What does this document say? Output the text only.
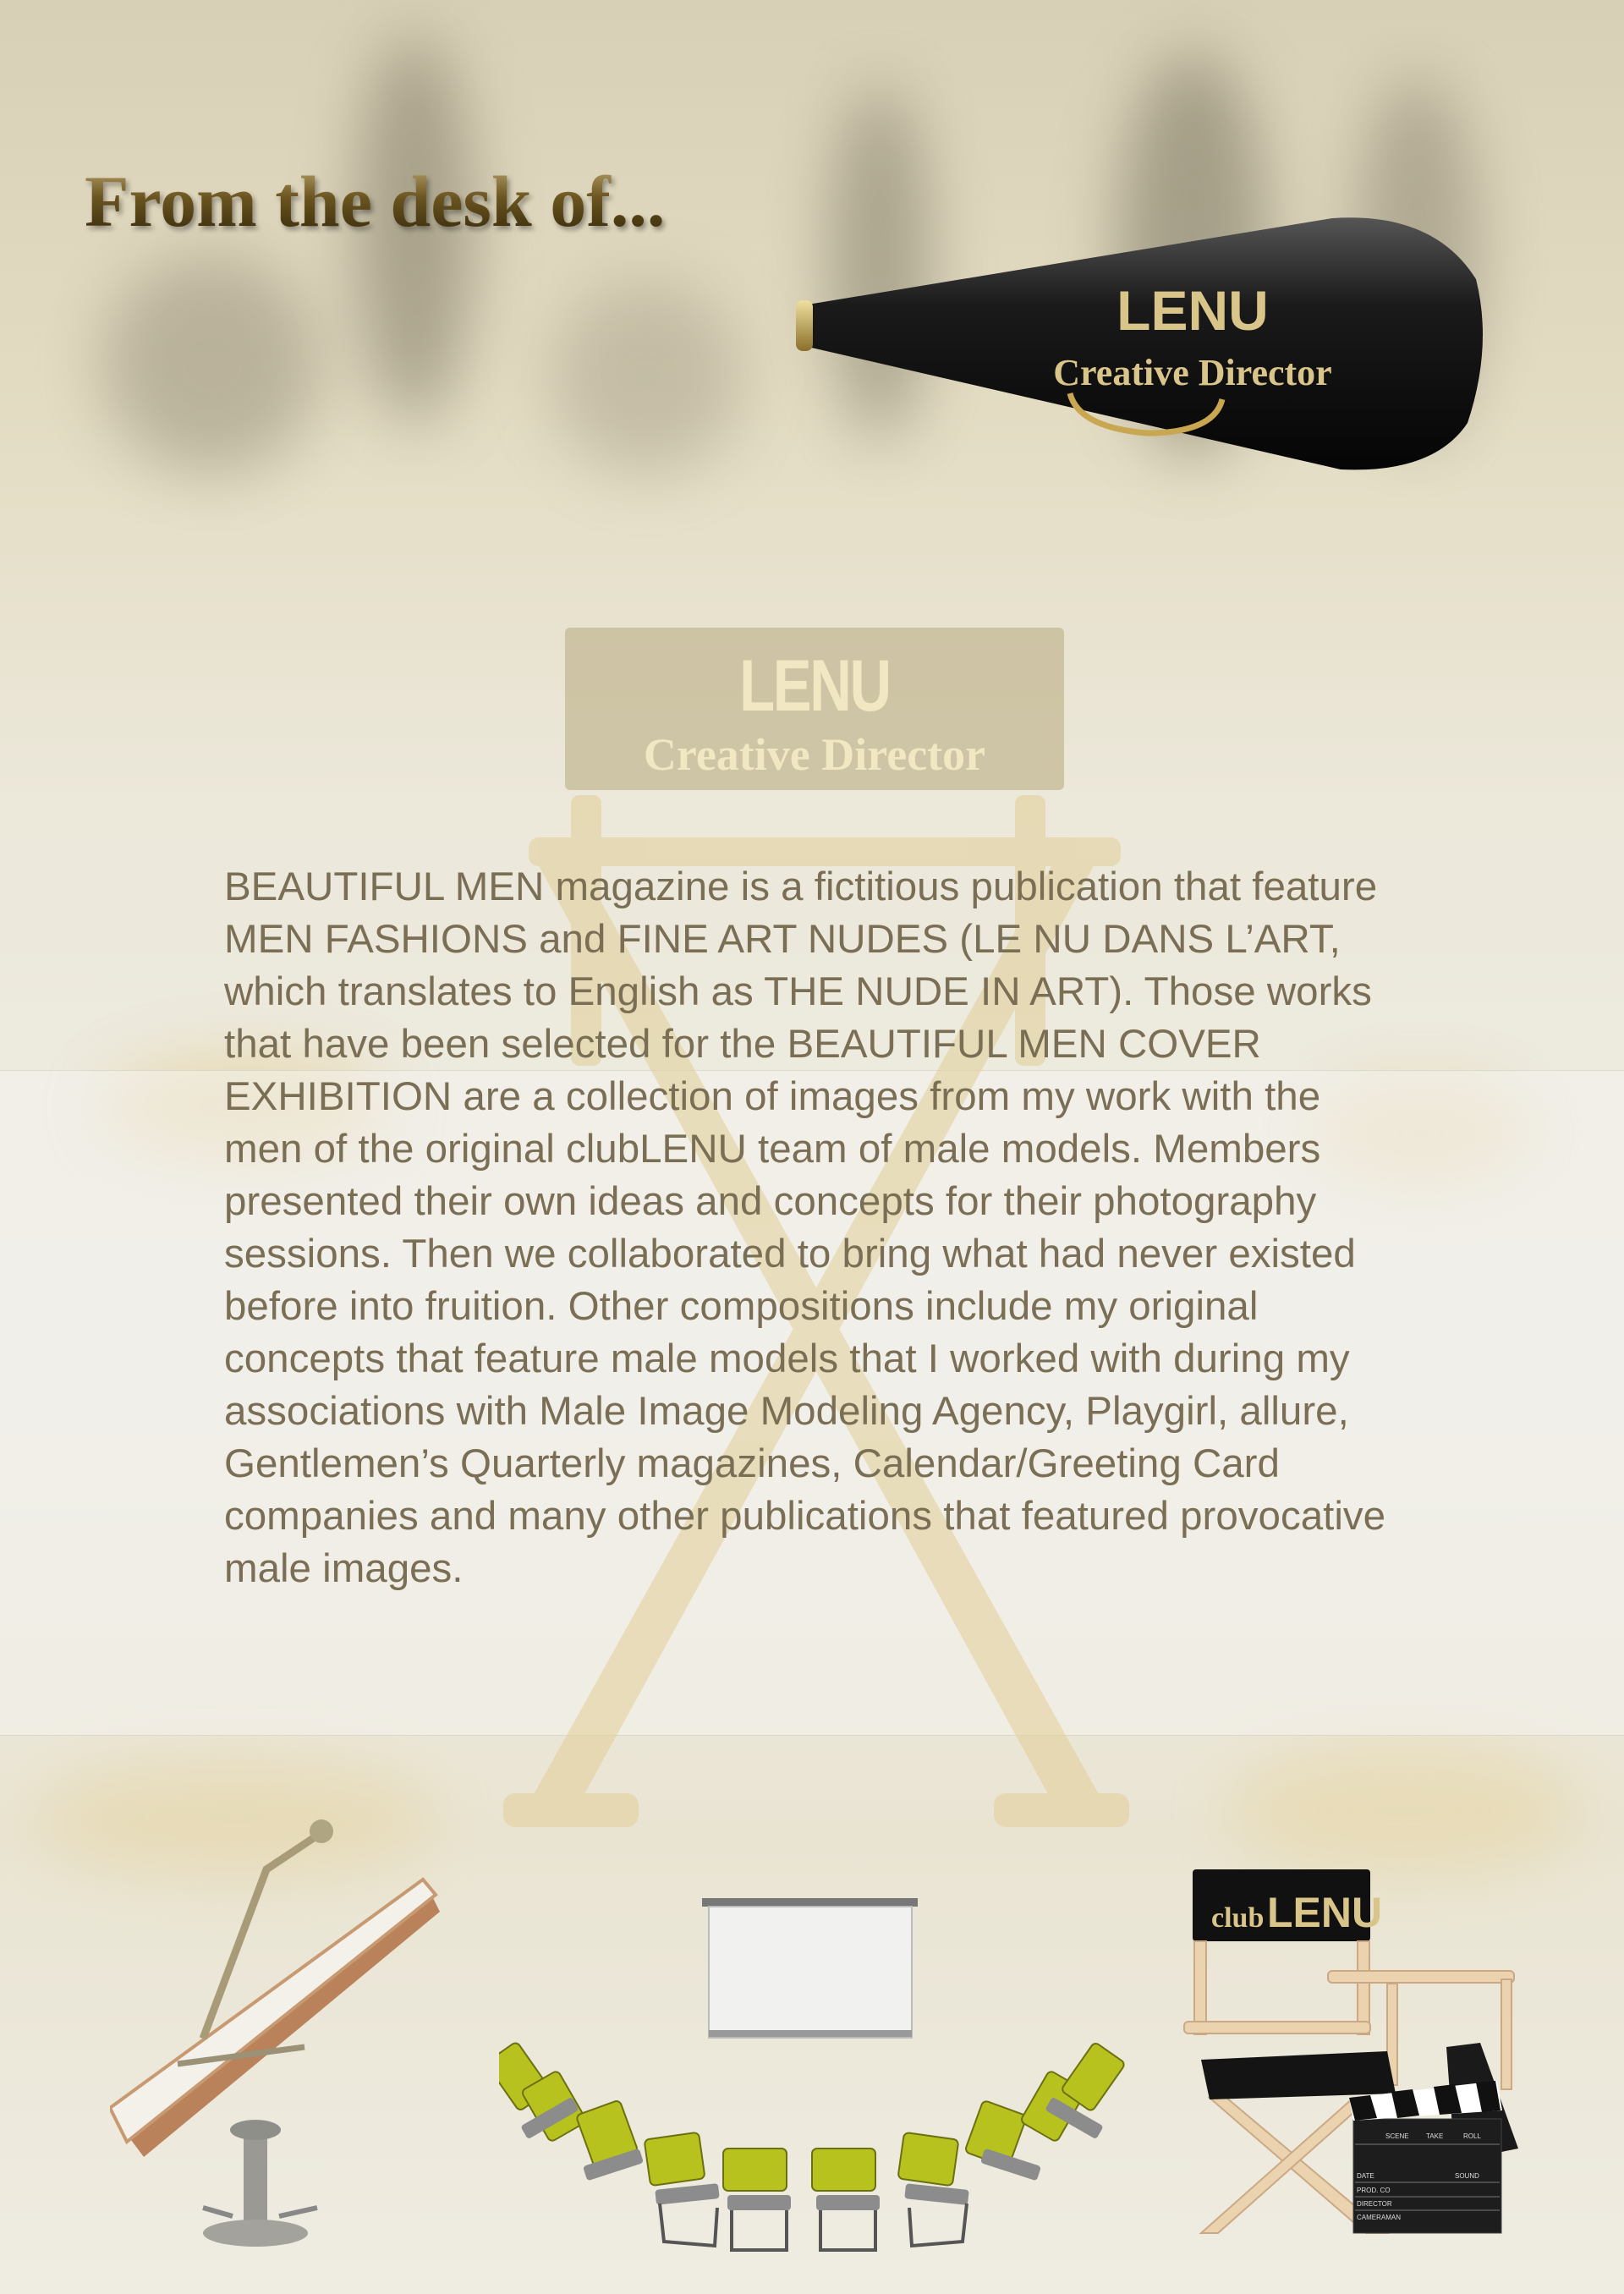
From the desk of...
LENU
Creative Director
LENU
Creative Director

BEAUTIFUL MEN magazine is a fictitious publication that feature MEN FASHIONS and FINE ART NUDES (LE NU DANS L’ART, which translates to English as THE NUDE IN ART). Those works that have been selected for the BEAUTIFUL MEN COVER EXHIBITION are a collection of images from my work with the men of the original clubLENU team of male models. Members presented their own ideas and concepts for their photography sessions. Then we collaborated to bring what had never existed before into fruition. Other compositions include my original concepts that feature male models that I worked with during my associations with Male Image Modeling Agency, Playgirl, allure, Gentlemen’s Quarterly magazines, Calendar/Greeting Card companies and many other publications that featured provocative male images.

club LENU
SCENE	TAKE	ROLL
DATE	SOUND
PROD. CO
DIRECTOR
CAMERAMAN
